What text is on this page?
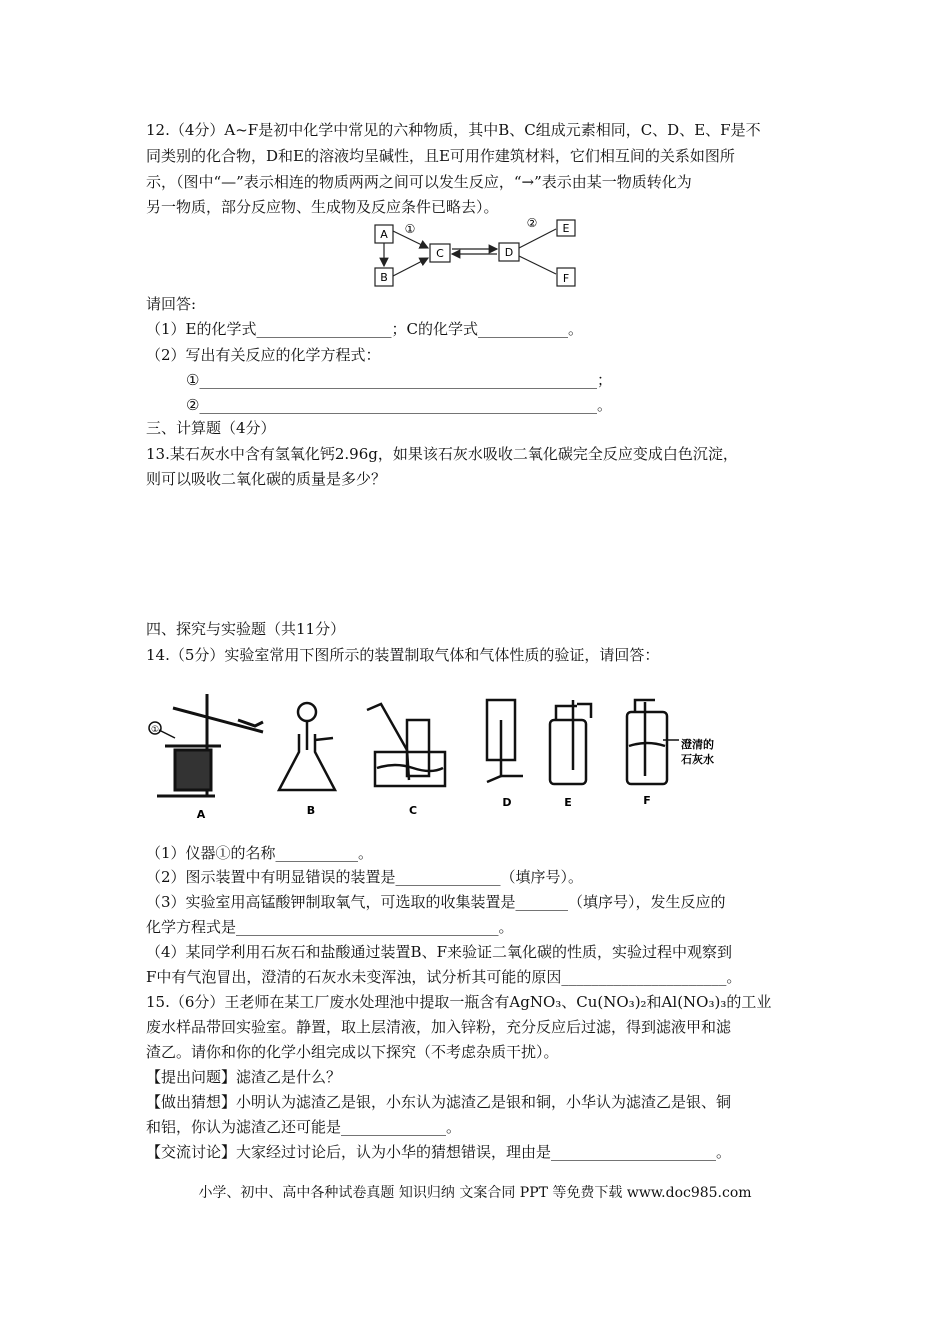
12.（4分）A~F是初中化学中常见的六种物质，其中B、C组成元素相同，C、D、E、F是不
同类别的化合物，D和E的溶液均呈碱性，且E可用作建筑材料，它们相互间的关系如图所
示，（图中“—”表示相连的物质两两之间可以发生反应，“→”表示由某一物质转化为
另一物质，部分反应物、生成物及反应条件已略去）。
A
B
C	D
E
F
①	②
请回答:
（1）E的化学式__________________；C的化学式____________。
（2）写出有关反应的化学方程式：
①_____________________________________________________；
②_____________________________________________________。
三、计算题（4分）
13.某石灰水中含有氢氧化钙2.96g，如果该石灰水吸收二氧化碳完全反应变成白色沉淀，
则可以吸收二氧化碳的质量是多少？
四、探究与实验题（共11分）
14.（5分）实验室常用下图所示的装置制取气体和气体性质的验证，请回答：
①
澄清的
石灰水
A	B	C
D	E	F
（1）仪器①的名称___________。
（2）图示装置中有明显错误的装置是______________（填序号）。
（3）实验室用高锰酸钾制取氧气，可选取的收集装置是_______（填序号），发生反应的
化学方程式是___________________________________。
（4）某同学利用石灰石和盐酸通过装置B、F来验证二氧化碳的性质，实验过程中观察到
F中有气泡冒出，澄清的石灰水未变浑浊，试分析其可能的原因______________________。
15.（6分）王老师在某工厂废水处理池中提取一瓶含有AgNO₃、Cu(NO₃)₂和Al(NO₃)₃的工业
废水样品带回实验室。静置，取上层清液，加入锌粉，充分反应后过滤，得到滤液甲和滤
渣乙。请你和你的化学小组完成以下探究（不考虑杂质干扰）。
【提出问题】滤渣乙是什么？
【做出猜想】小明认为滤渣乙是银，小东认为滤渣乙是银和铜，小华认为滤渣乙是银、铜
和铝，你认为滤渣乙还可能是______________。
【交流讨论】大家经过讨论后，认为小华的猜想错误，理由是______________________。
小学、初中、高中各种试卷真题 知识归纳 文案合同 PPT 等免费下载 www.doc985.com
